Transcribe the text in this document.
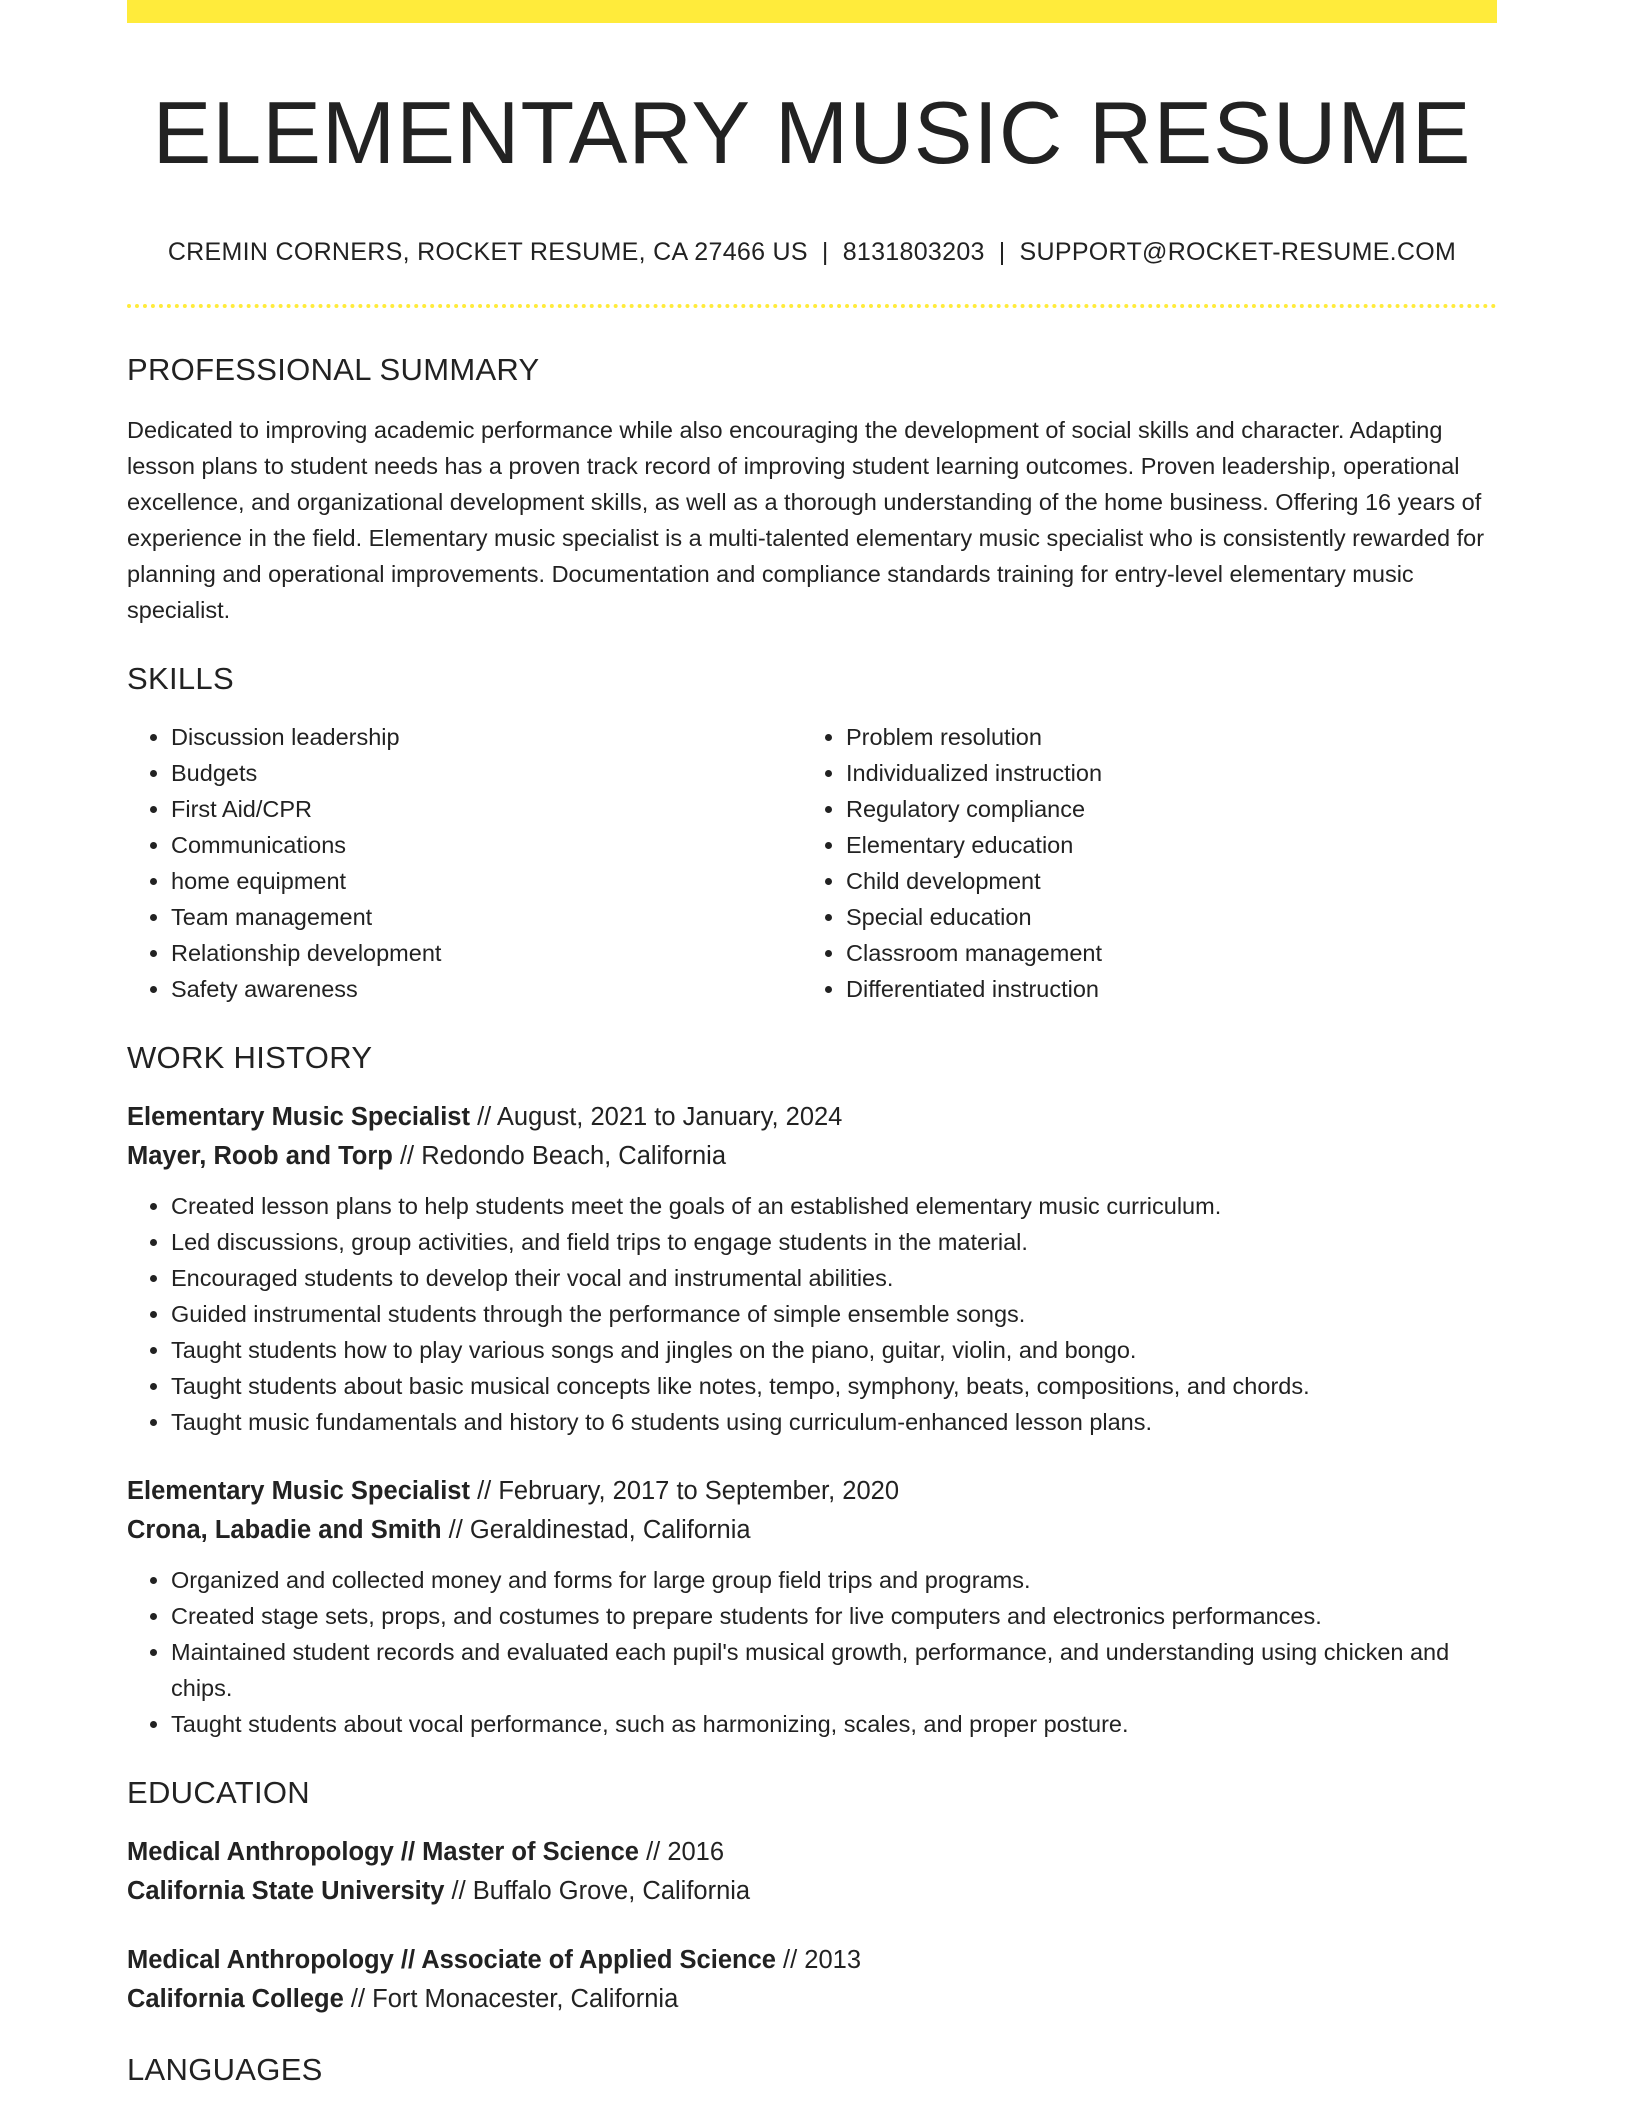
ELEMENTARY MUSIC RESUME
CREMIN CORNERS, ROCKET RESUME, CA 27466 US | 8131803203 | SUPPORT@ROCKET-RESUME.COM
PROFESSIONAL SUMMARY
Dedicated to improving academic performance while also encouraging the development of social skills and character. Adapting lesson plans to student needs has a proven track record of improving student learning outcomes. Proven leadership, operational excellence, and organizational development skills, as well as a thorough understanding of the home business. Offering 16 years of experience in the field. Elementary music specialist is a multi-talented elementary music specialist who is consistently rewarded for planning and operational improvements. Documentation and compliance standards training for entry-level elementary music specialist.
SKILLS
• Discussion leadership
• Budgets
• First Aid/CPR
• Communications
• home equipment
• Team management
• Relationship development
• Safety awareness
• Problem resolution
• Individualized instruction
• Regulatory compliance
• Elementary education
• Child development
• Special education
• Classroom management
• Differentiated instruction
WORK HISTORY
Elementary Music Specialist // August, 2021 to January, 2024
Mayer, Roob and Torp // Redondo Beach, California
• Created lesson plans to help students meet the goals of an established elementary music curriculum.
• Led discussions, group activities, and field trips to engage students in the material.
• Encouraged students to develop their vocal and instrumental abilities.
• Guided instrumental students through the performance of simple ensemble songs.
• Taught students how to play various songs and jingles on the piano, guitar, violin, and bongo.
• Taught students about basic musical concepts like notes, tempo, symphony, beats, compositions, and chords.
• Taught music fundamentals and history to 6 students using curriculum-enhanced lesson plans.
Elementary Music Specialist // February, 2017 to September, 2020
Crona, Labadie and Smith // Geraldinestad, California
• Organized and collected money and forms for large group field trips and programs.
• Created stage sets, props, and costumes to prepare students for live computers and electronics performances.
• Maintained student records and evaluated each pupil's musical growth, performance, and understanding using chicken and chips.
• Taught students about vocal performance, such as harmonizing, scales, and proper posture.
EDUCATION
Medical Anthropology // Master of Science // 2016
California State University // Buffalo Grove, California
Medical Anthropology // Associate of Applied Science // 2013
California College // Fort Monacester, California
LANGUAGES
